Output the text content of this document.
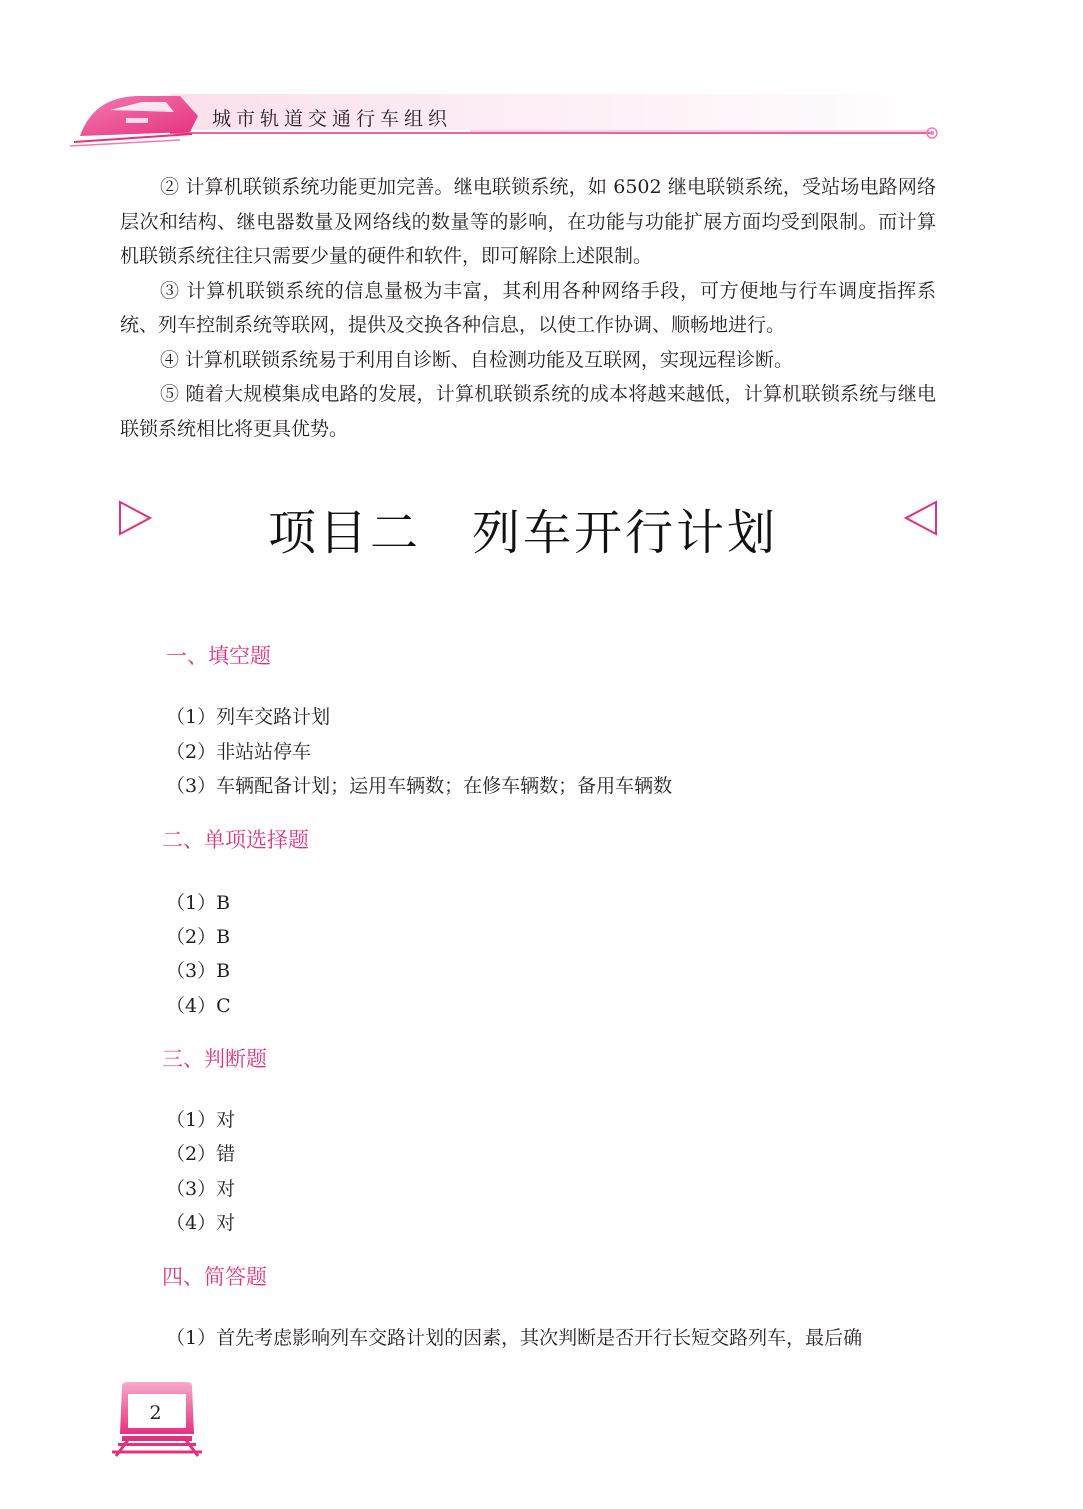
城市轨道交通行车组织

② 计算机联锁系统功能更加完善。继电联锁系统，如 6502 继电联锁系统，受站场电路网络层次和结构、继电器数量及网络线的数量等的影响，在功能与功能扩展方面均受到限制。而计算机联锁系统往往只需要少量的硬件和软件，即可解除上述限制。

③ 计算机联锁系统的信息量极为丰富，其利用各种网络手段，可方便地与行车调度指挥系统、列车控制系统等联网，提供及交换各种信息，以使工作协调、顺畅地进行。

④ 计算机联锁系统易于利用自诊断、自检测功能及互联网，实现远程诊断。

⑤ 随着大规模集成电路的发展，计算机联锁系统的成本将越来越低，计算机联锁系统与继电联锁系统相比将更具优势。

项目二　列车开行计划
一、填空题
（1）列车交路计划
（2）非站站停车
（3）车辆配备计划；运用车辆数；在修车辆数；备用车辆数
二、单项选择题
（1）B
（2）B
（3）B
（4）C
三、判断题
（1）对
（2）错
（3）对
（4）对
四、简答题
（1）首先考虑影响列车交路计划的因素，其次判断是否开行长短交路列车，最后确
2
